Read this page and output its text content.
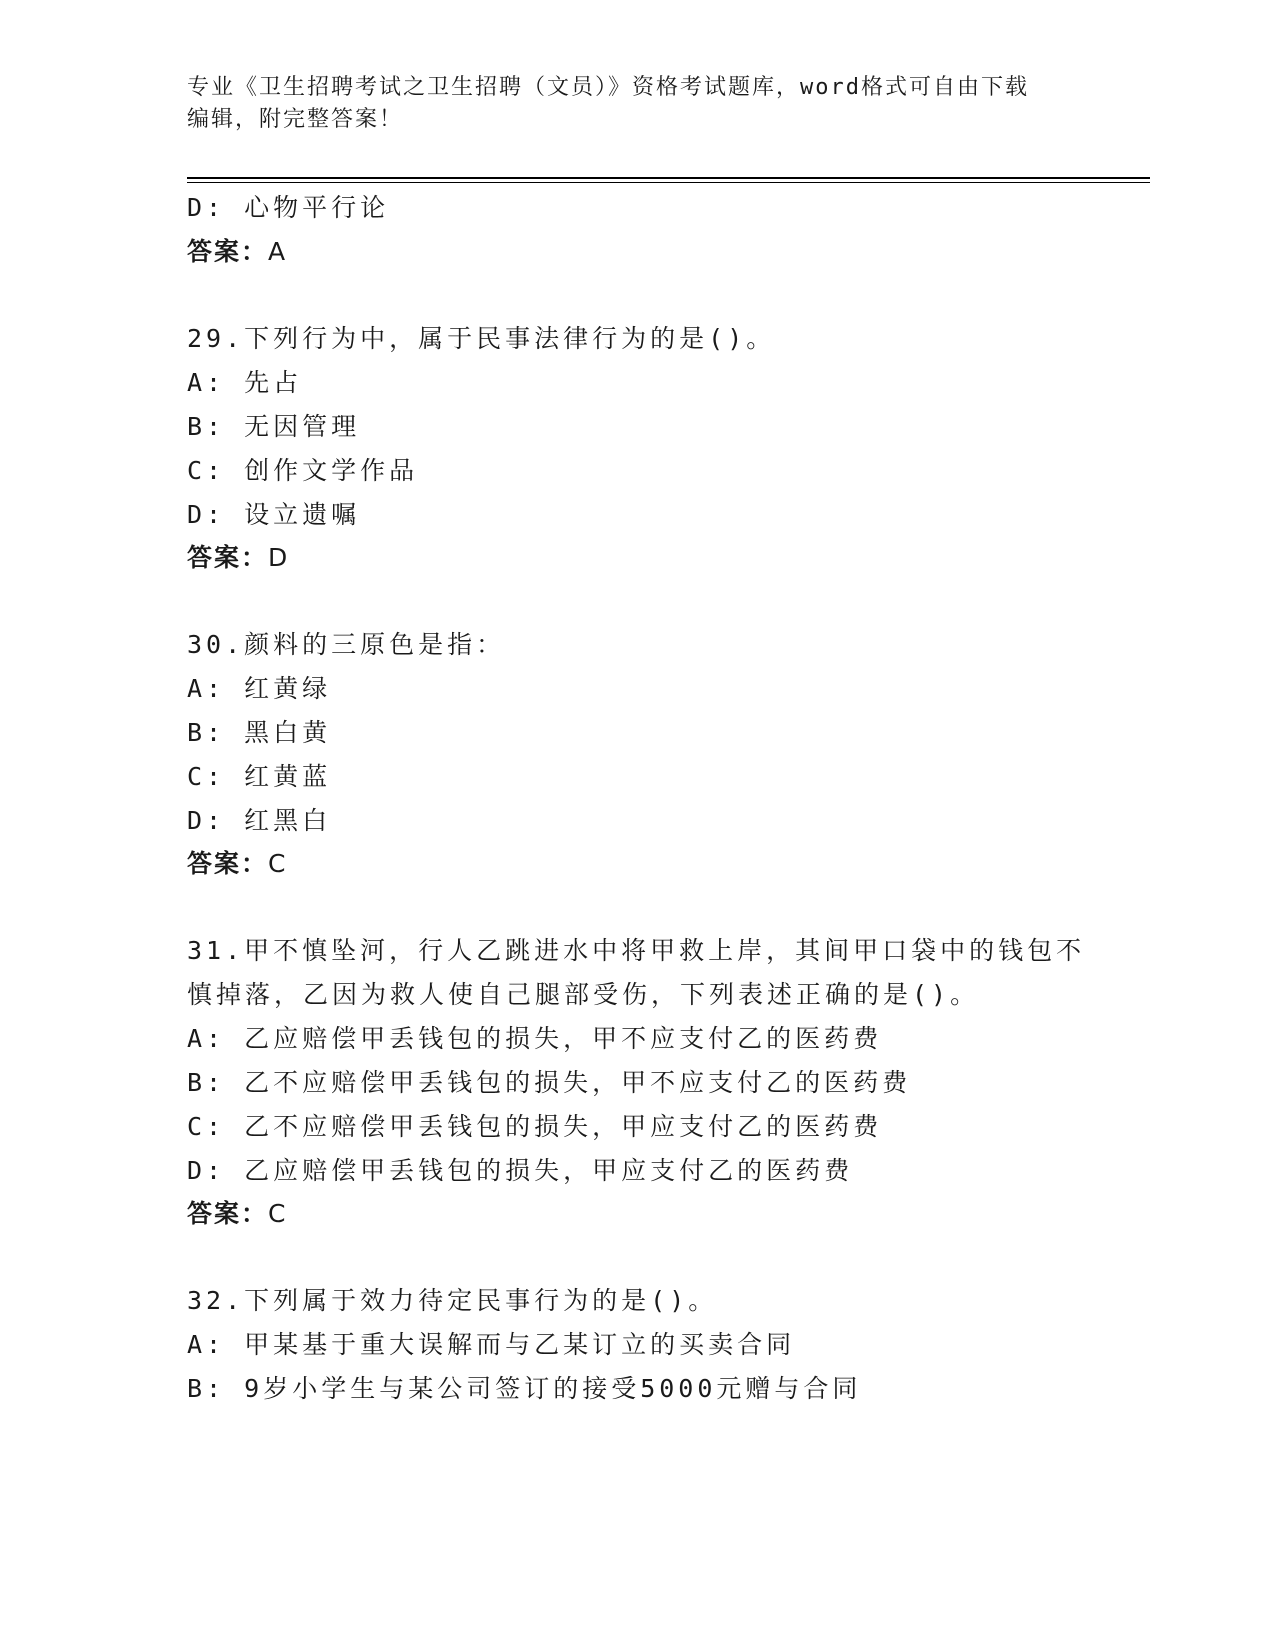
专业《卫生招聘考试之卫生招聘（文员）》资格考试题库，word格式可自由下载
编辑，附完整答案！
D: 心物平行论
答案：A
29.下列行为中，属于民事法律行为的是()。
A: 先占
B: 无因管理
C: 创作文学作品
D: 设立遗嘱
答案：D
30.颜料的三原色是指：
A: 红黄绿
B: 黑白黄
C: 红黄蓝
D: 红黑白
答案：C
31.甲不慎坠河，行人乙跳进水中将甲救上岸，其间甲口袋中的钱包不
慎掉落，乙因为救人使自己腿部受伤，下列表述正确的是()。
A: 乙应赔偿甲丢钱包的损失，甲不应支付乙的医药费
B: 乙不应赔偿甲丢钱包的损失，甲不应支付乙的医药费
C: 乙不应赔偿甲丢钱包的损失，甲应支付乙的医药费
D: 乙应赔偿甲丢钱包的损失，甲应支付乙的医药费
答案：C
32.下列属于效力待定民事行为的是()。
A: 甲某基于重大误解而与乙某订立的买卖合同
B: 9岁小学生与某公司签订的接受5000元赠与合同
